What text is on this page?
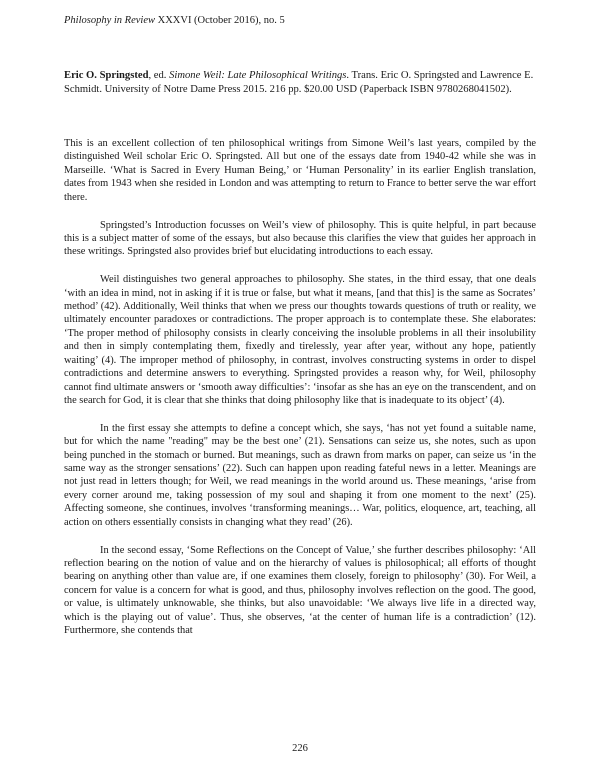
Philosophy in Review XXXVI (October 2016), no. 5
Eric O. Springsted, ed. Simone Weil: Late Philosophical Writings. Trans. Eric O. Springsted and Lawrence E. Schmidt. University of Notre Dame Press 2015. 216 pp. $20.00 USD (Paperback ISBN 9780268041502).

This is an excellent collection of ten philosophical writings from Simone Weil’s last years, compiled by the distinguished Weil scholar Eric O. Springsted. All but one of the essays date from 1940-42 while she was in Marseille. ‘What is Sacred in Every Human Being,’ or ‘Human Personality’ in its earlier English translation, dates from 1943 when she resided in London and was attempting to return to France to better serve the war effort there.

Springsted’s Introduction focusses on Weil’s view of philosophy. This is quite helpful, in part because this is a subject matter of some of the essays, but also because this clarifies the view that guides her approach in these writings. Springsted also provides brief but elucidating introductions to each essay.

Weil distinguishes two general approaches to philosophy. She states, in the third essay, that one deals ‘with an idea in mind, not in asking if it is true or false, but what it means, [and that this] is the same as Socrates’ method’ (42). Additionally, Weil thinks that when we press our thoughts towards questions of truth or reality, we ultimately encounter paradoxes or contradictions. The proper approach is to contemplate these. She elaborates: ‘The proper method of philosophy consists in clearly conceiving the insoluble problems in all their insolubility and then in simply contemplating them, fixedly and tirelessly, year after year, without any hope, patiently waiting’ (4). The improper method of philosophy, in contrast, involves constructing systems in order to dispel contradictions and determine answers to everything. Springsted provides a reason why, for Weil, philosophy cannot find ultimate answers or ‘smooth away difficulties’: ‘insofar as she has an eye on the transcendent, and on the search for God, it is clear that she thinks that doing philosophy like that is inadequate to its object’ (4).

In the first essay she attempts to define a concept which, she says, ‘has not yet found a suitable name, but for which the name "reading" may be the best one’ (21). Sensations can seize us, she notes, such as upon being punched in the stomach or burned. But meanings, such as drawn from marks on paper, can seize us ‘in the same way as the stronger sensations’ (22). Such can happen upon reading fateful news in a letter. Meanings are not just read in letters though; for Weil, we read meanings in the world around us. These meanings, ‘arise from every corner around me, taking possession of my soul and shaping it from one moment to the next’ (25). Affecting someone, she continues, involves ‘transforming meanings… War, politics, eloquence, art, teaching, all action on others essentially consists in changing what they read’ (26).

In the second essay, ‘Some Reflections on the Concept of Value,’ she further describes philosophy: ‘All reflection bearing on the notion of value and on the hierarchy of values is philosophical; all efforts of thought bearing on anything other than value are, if one examines them closely, foreign to philosophy’ (30). For Weil, a concern for value is a concern for what is good, and thus, philosophy involves reflection on the good. The good, or value, is ultimately unknowable, she thinks, but also unavoidable: ‘We always live life in a directed way, which is the playing out of value’. Thus, she observes, ‘at the center of human life is a contradiction’ (12). Furthermore, she contends that

226
